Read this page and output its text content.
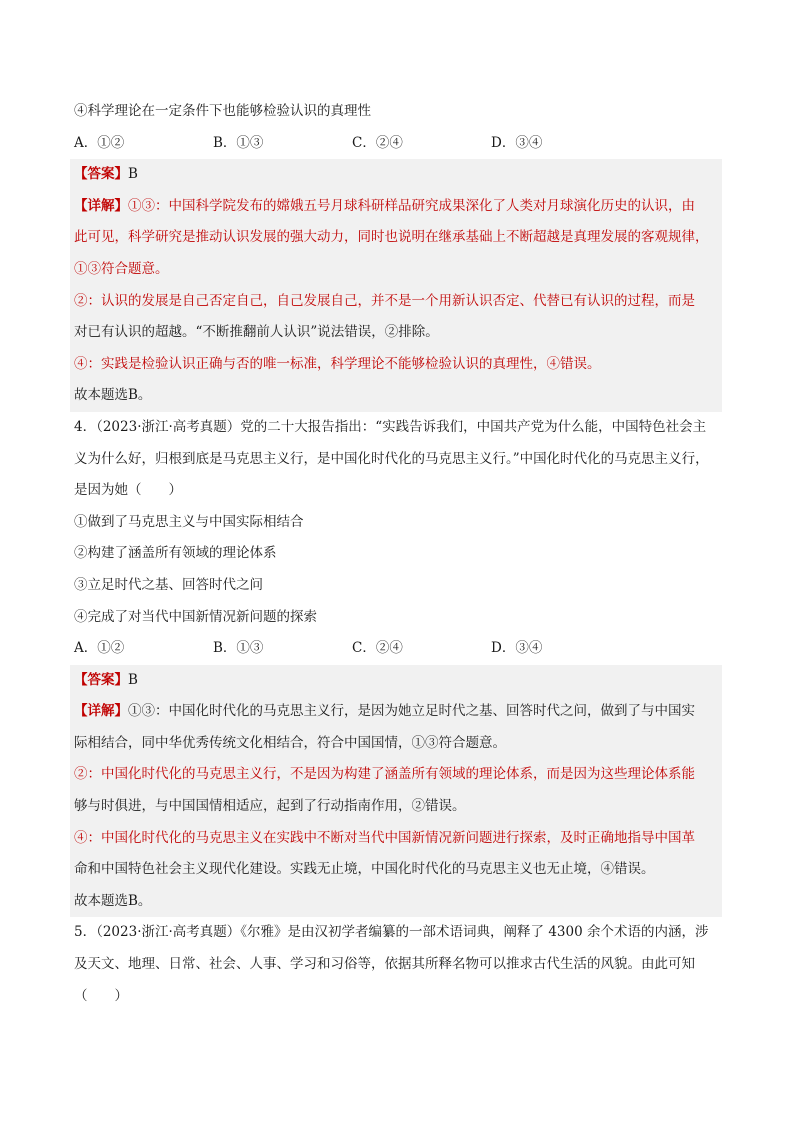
④科学理论在一定条件下也能够检验认识的真理性
A．①②	B．①③	C．②④	D．③④
【答案】B
【详解】①③：中国科学院发布的嫦娥五号月球科研样品研究成果深化了人类对月球演化历史的认识，由
此可见，科学研究是推动认识发展的强大动力，同时也说明在继承基础上不断超越是真理发展的客观规律，
①③符合题意。
②：认识的发展是自己否定自己，自己发展自己，并不是一个用新认识否定、代替已有认识的过程，而是
对已有认识的超越。“不断推翻前人认识”说法错误，②排除。
④：实践是检验认识正确与否的唯一标准，科学理论不能够检验认识的真理性，④错误。
故本题选B。
4．（2023·浙江·高考真题）党的二十大报告指出：“实践告诉我们，中国共产党为什么能，中国特色社会主
义为什么好，归根到底是马克思主义行，是中国化时代化的马克思主义行。”中国化时代化的马克思主义行，
是因为她（　　）
①做到了马克思主义与中国实际相结合
②构建了涵盖所有领域的理论体系
③立足时代之基、回答时代之问
④完成了对当代中国新情况新问题的探索
A．①②	B．①③	C．②④	D．③④
【答案】B
【详解】①③：中国化时代化的马克思主义行，是因为她立足时代之基、回答时代之问，做到了与中国实
际相结合，同中华优秀传统文化相结合，符合中国国情，①③符合题意。
②：中国化时代化的马克思主义行，不是因为构建了涵盖所有领域的理论体系，而是因为这些理论体系能
够与时俱进，与中国国情相适应，起到了行动指南作用，②错误。
④：中国化时代化的马克思主义在实践中不断对当代中国新情况新问题进行探索，及时正确地指导中国革
命和中国特色社会主义现代化建设。实践无止境，中国化时代化的马克思主义也无止境，④错误。
故本题选B。
5．（2023·浙江·高考真题）《尔雅》是由汉初学者编纂的一部术语词典，阐释了 4300 余个术语的内涵，涉
及天文、地理、日常、社会、人事、学习和习俗等，依据其所释名物可以推求古代生活的风貌。由此可知
（　　）
